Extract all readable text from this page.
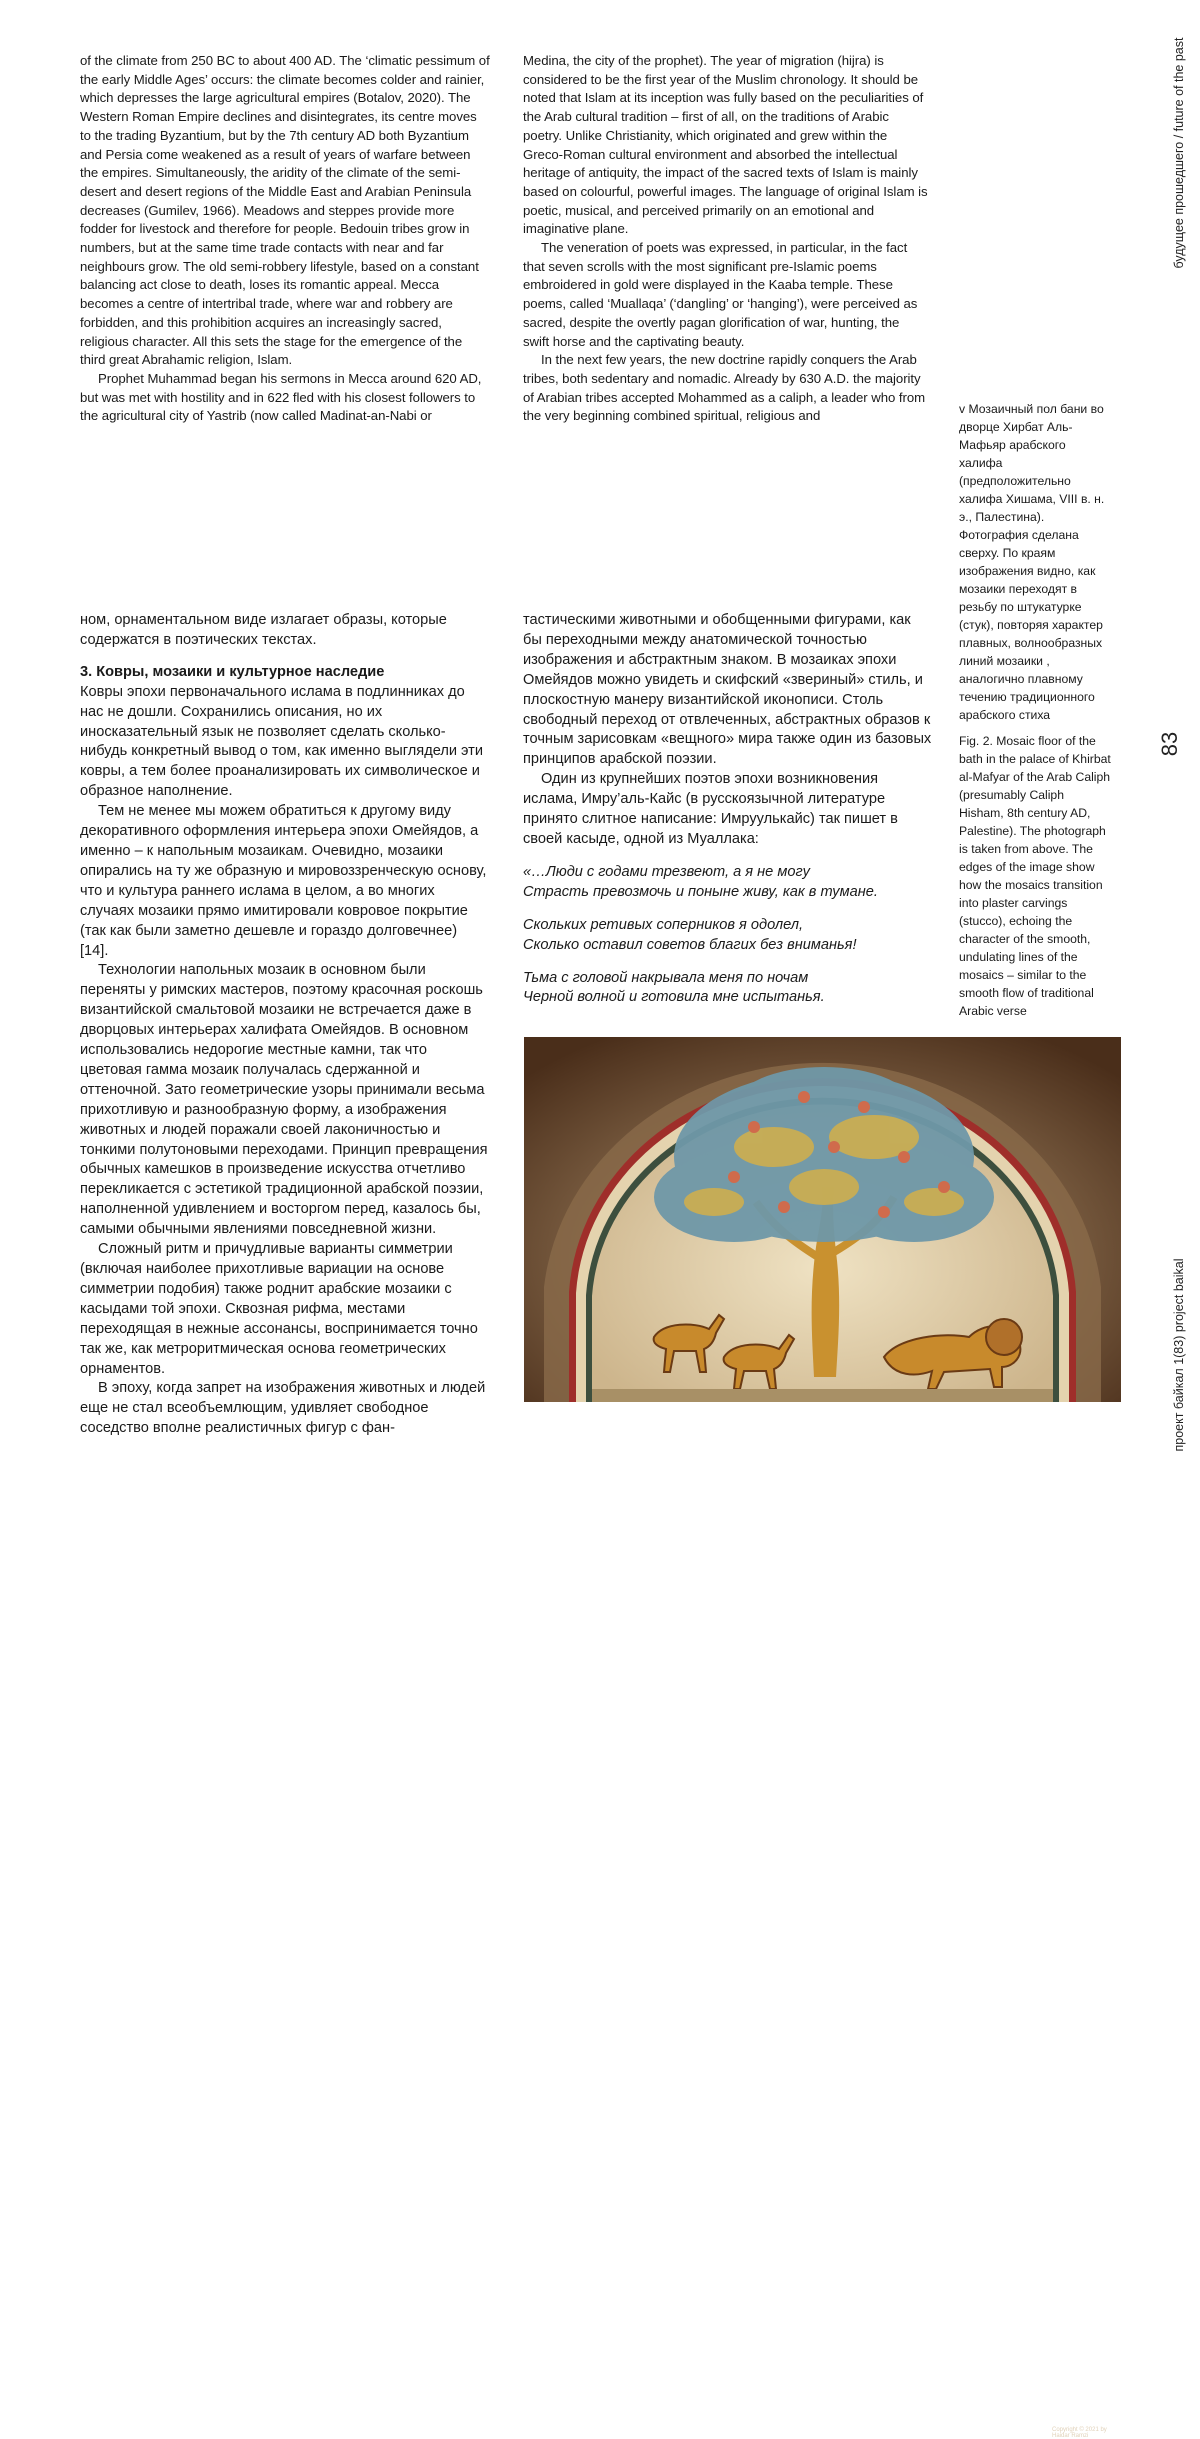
of the climate from 250 BC to about 400 AD. The ‘climatic pessimum of the early Middle Ages’ occurs: the climate becomes colder and rainier, which depresses the large agricultural empires (Botalov, 2020). The Western Roman Empire declines and disintegrates, its centre moves to the trading Byzantium, but by the 7th century AD both Byzantium and Persia come weakened as a result of years of warfare between the empires. Simultaneously, the aridity of the climate of the semi-desert and desert regions of the Middle East and Arabian Peninsula decreases (Gumilev, 1966). Meadows and steppes provide more fodder for livestock and therefore for people. Bedouin tribes grow in numbers, but at the same time trade contacts with near and far neighbours grow. The old semi-robbery lifestyle, based on a constant balancing act close to death, loses its romantic appeal. Mecca becomes a centre of intertribal trade, where war and robbery are forbidden, and this prohibition acquires an increasingly sacred, religious character. All this sets the stage for the emergence of the third great Abrahamic religion, Islam.

Prophet Muhammad began his sermons in Mecca around 620 AD, but was met with hostility and in 622 fled with his closest followers to the agricultural city of Yastrib (now called Madinat-an-Nabi or

Medina, the city of the prophet). The year of migration (hijra) is considered to be the first year of the Muslim chronology. It should be noted that Islam at its inception was fully based on the peculiarities of the Arab cultural tradition – first of all, on the traditions of Arabic poetry. Unlike Christianity, which originated and grew within the Greco-Roman cultural environment and absorbed the intellectual heritage of antiquity, the impact of the sacred texts of Islam is mainly based on colourful, powerful images. The language of original Islam is poetic, musical, and perceived primarily on an emotional and imaginative plane.

The veneration of poets was expressed, in particular, in the fact that seven scrolls with the most significant pre-Islamic poems embroidered in gold were displayed in the Kaaba temple. These poems, called ‘Muallaqa’ (‘dangling’ or ‘hanging’), were perceived as sacred, despite the overtly pagan glorification of war, hunting, the swift horse and the captivating beauty.

In the next few years, the new doctrine rapidly conquers the Arab tribes, both sedentary and nomadic. Already by 630 A.D. the majority of Arabian tribes accepted Mohammed as a caliph, a leader who from the very beginning combined spiritual, religious and

ном, орнаментальном виде излагает образы, которые содержатся в поэтических текстах.

3. Ковры, мозаики и культурное наследие

Ковры эпохи первоначального ислама в подлинниках до нас не дошли. Сохранились описания, но их иносказательный язык не позволяет сделать сколько-нибудь конкретный вывод о том, как именно выглядели эти ковры, а тем более проанализировать их символическое и образное наполнение.

Тем не менее мы можем обратиться к другому виду декоративного оформления интерьера эпохи Омейядов, а именно – к напольным мозаикам. Очевидно, мозаики опирались на ту же образную и мировоззренческую основу, что и культура раннего ислама в целом, а во многих случаях мозаики прямо имитировали ковровое покрытие (так как были заметно дешевле и гораздо долговечнее) [14].

Технологии напольных мозаик в основном были переняты у римских мастеров, поэтому красочная роскошь византийской смальтовой мозаики не встречается даже в дворцовых интерьерах халифата Омейядов. В основном использовались недорогие местные камни, так что цветовая гамма мозаик получалась сдержанной и оттеночной. Зато геометрические узоры принимали весьма прихотливую и разнообразную форму, а изображения животных и людей поражали своей лаконичностью и тонкими полутоновыми переходами. Принцип превращения обычных камешков в произведение искусства отчетливо перекликается с эстетикой традиционной арабской поэзии, наполненной удивлением и восторгом перед, казалось бы, самыми обычными явлениями повседневной жизни.

Сложный ритм и причудливые варианты симметрии (включая наиболее прихотливые вариации на основе симметрии подобия) также роднит арабские мозаики с касыдами той эпохи. Сквозная рифма, местами переходящая в нежные ассонансы, воспринимается точно так же, как метроритмическая основа геометрических орнаментов.

В эпоху, когда запрет на изображения животных и людей еще не стал всеобъемлющим, удивляет свободное соседство вполне реалистичных фигур с фан-

тастическими животными и обобщенными фигурами, как бы переходными между анатомической точностью изображения и абстрактным знаком. В мозаиках эпохи Омейядов можно увидеть и скифский «звериный» стиль, и плоскостную манеру византийской иконописи. Столь свободный переход от отвлеченных, абстрактных образов к точным зарисовкам «вещного» мира также один из базовых принципов арабской поэзии.

Один из крупнейших поэтов эпохи возникновения ислама, Имру’аль-Кайс (в русскоязычной литературе принято слитное написание: Имруулькайс) так пишет в своей касыде, одной из Муаллака:

«…Люди с годами трезвеют, а я не могу
Страсть превозмочь и поныне живу, как в тумане.

Скольких ретивых соперников я одолел,
Сколько оставил советов благих без вниманья!

Тьма с головой накрывала меня по ночам
Черной волной и готовила мне испытанья.

v Мозаичный пол бани во дворце Хирбат Аль-Мафьяр арабского халифа (предположительно халифа Хишама, VIII в. н. э., Палестина). Фотография сделана сверху. По краям изображения видно, как мозаики переходят в резьбу по штукатурке (стук), повторяя характер плавных, волнообразных линий мозаики , аналогично плавному течению традиционного арабского стиха

Fig. 2. Mosaic floor of the bath in the palace of Khirbat al-Mafyar of the Arab Caliph (presumably Caliph Hisham, 8th century AD, Palestine). The photograph is taken from above. The edges of the image show how the mosaics transition into plaster carvings (stucco), echoing the character of the smooth, undulating lines of the mosaics – similar to the smooth flow of traditional Arabic verse

будущее прошедшего / future of the past
83
проект байкал 1(83) project baikal
Copyright © 2021 by Haidar Ramzi
